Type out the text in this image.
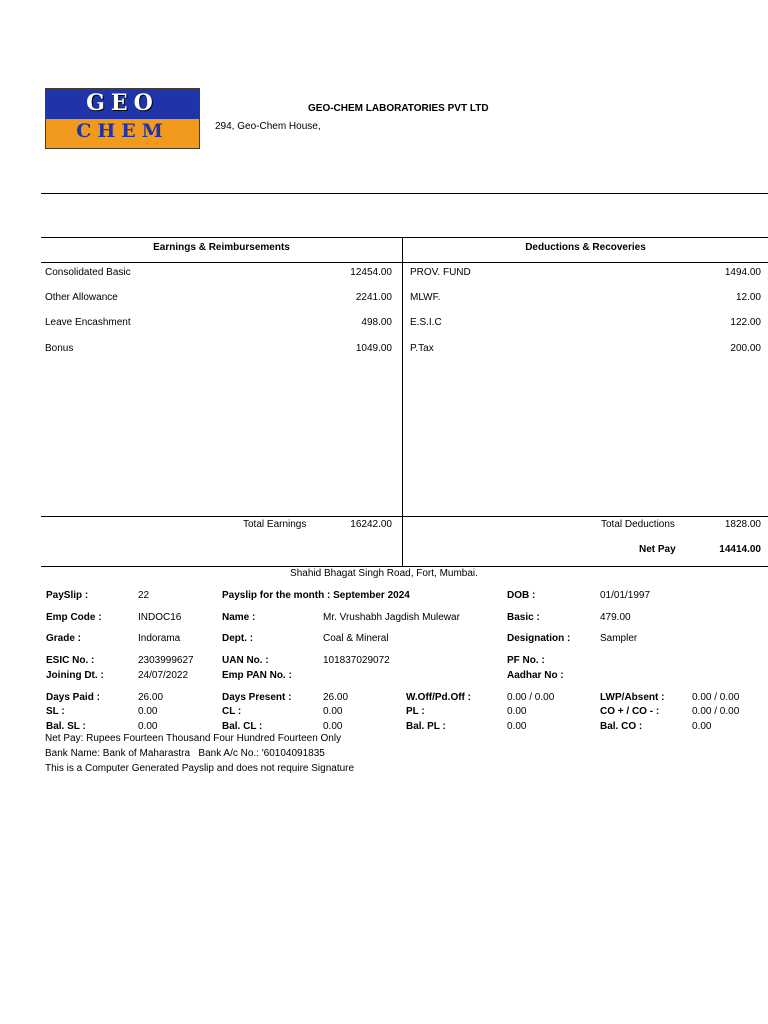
GEO
CHEM
GEO-CHEM LABORATORIES PVT LTD
294, Geo-Chem House,
Earnings & Reimbursements	Deductions & Recoveries
Consolidated Basic	12454.00
Other Allowance	2241.00
Leave Encashment	498.00
Bonus	1049.00
PROV. FUND	1494.00
MLWF.	12.00
E.S.I.C	122.00
P.Tax	200.00
Total Earnings	16242.00	Total Deductions	1828.00
Net Pay	14414.00
Shahid Bhagat Singh Road, Fort, Mumbai.
PaySlip :	22	Payslip for the month : September 2024	DOB :	01/01/1997
Emp Code :	INDOC16	Name :	Mr. Vrushabh Jagdish Mulewar	Basic :	479.00
Grade :	Indorama	Dept. :	Coal & Mineral	Designation :	Sampler
ESIC No. :	2303999627	UAN No. :	101837029072	PF No. :
Joining Dt. :	24/07/2022	Emp PAN No. :	Aadhar No :
Days Paid :	26.00	Days Present :	26.00	W.Off/Pd.Off :	0.00 / 0.00	LWP/Absent :	0.00 / 0.00
SL :	0.00	CL :	0.00	PL :	0.00	CO + / CO - :	0.00 / 0.00
Bal. SL :	0.00	Bal. CL :	0.00	Bal. PL :	0.00	Bal. CO :	0.00
Net Pay: Rupees Fourteen Thousand Four Hundred Fourteen Only
Bank Name: Bank of Maharastra   Bank A/c No.: '60104091835
This is a Computer Generated Payslip and does not require Signature
